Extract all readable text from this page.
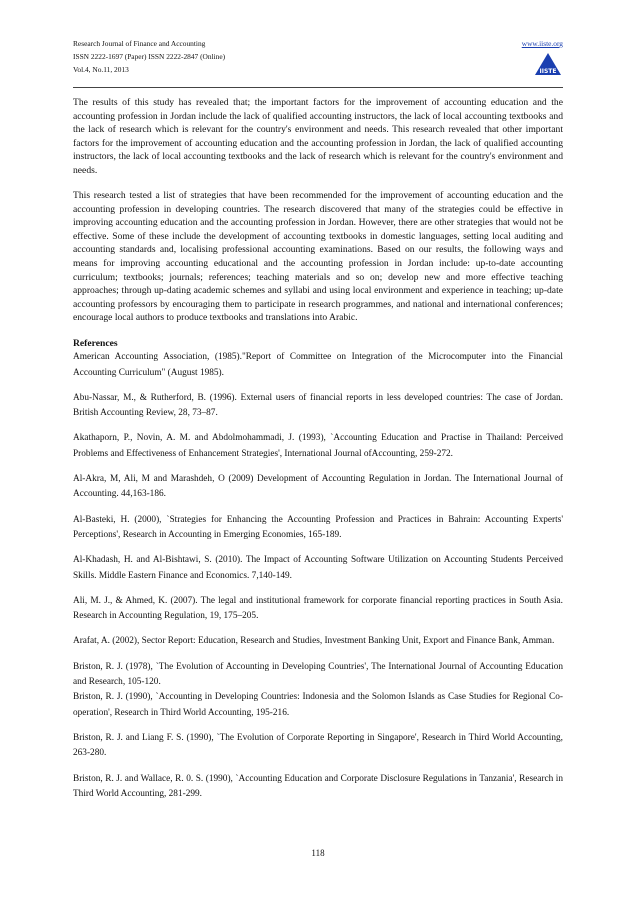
Research Journal of Finance and Accounting
ISSN 2222-1697 (Paper) ISSN 2222-2847 (Online)
Vol.4, No.11, 2013
www.iiste.org
IISTE

The results of this study has revealed that; the important factors for the improvement of accounting education and the accounting profession in Jordan include the lack of qualified accounting instructors, the lack of local accounting textbooks and the lack of research which is relevant for the country's environment and needs. This research revealed that other important factors for the improvement of accounting education and the accounting profession in Jordan, the lack of qualified accounting instructors, the lack of local accounting textbooks and the lack of research which is relevant for the country's environment and needs.

This research tested a list of strategies that have been recommended for the improvement of accounting education and the accounting profession in developing countries. The research discovered that many of the strategies could be effective in improving accounting education and the accounting profession in Jordan. However, there are other strategies that would not be effective. Some of these include the development of accounting textbooks in domestic languages, setting local auditing and accounting standards and, localising professional accounting examinations. Based on our results, the following ways and means for improving accounting educational and the accounting profession in Jordan include: up-to-date accounting curriculum; textbooks; journals; references; teaching materials and so on; develop new and more effective teaching approaches; through up-dating academic schemes and syllabi and using local environment and experience in teaching; up-date accounting professors by encouraging them to participate in research programmes, and national and international conferences; encourage local authors to produce textbooks and translations into Arabic.

References

American Accounting Association, (1985)."Report of Committee on Integration of the Microcomputer into the Financial Accounting Curriculum" (August 1985).

Abu-Nassar, M., & Rutherford, B. (1996). External users of financial reports in less developed countries: The case of Jordan. British Accounting Review, 28, 73–87.

Akathaporn, P., Novin, A. M. and Abdolmohammadi, J. (1993), `Accounting Education and Practise in Thailand: Perceived Problems and Effectiveness of Enhancement Strategies', International Journal ofAccounting, 259-272.

Al-Akra, M, Ali, M and Marashdeh, O (2009) Development of Accounting Regulation in Jordan. The International Journal of Accounting. 44,163-186.

Al-Basteki, H. (2000), `Strategies for Enhancing the Accounting Profession and Practices in Bahrain: Accounting Experts' Perceptions', Research in Accounting in Emerging Economies, 165-189.

Al-Khadash, H. and Al-Bishtawi, S. (2010). The Impact of Accounting Software Utilization on Accounting Students Perceived Skills. Middle Eastern Finance and Economics. 7,140-149.

Ali, M. J., & Ahmed, K. (2007). The legal and institutional framework for corporate financial reporting practices in South Asia. Research in Accounting Regulation, 19, 175–205.

Arafat, A. (2002), Sector Report: Education, Research and Studies, Investment Banking Unit, Export and Finance Bank, Amman.

Briston, R. J. (1978), `The Evolution of Accounting in Developing Countries', The International Journal of Accounting Education and Research, 105-120.

Briston, R. J. (1990), `Accounting in Developing Countries: Indonesia and the Solomon Islands as Case Studies for Regional Co-operation', Research in Third World Accounting, 195-216.

Briston, R. J. and Liang F. S. (1990), `The Evolution of Corporate Reporting in Singapore', Research in Third World Accounting, 263-280.

Briston, R. J. and Wallace, R. 0. S. (1990), `Accounting Education and Corporate Disclosure Regulations in Tanzania', Research in Third World Accounting, 281-299.

118
